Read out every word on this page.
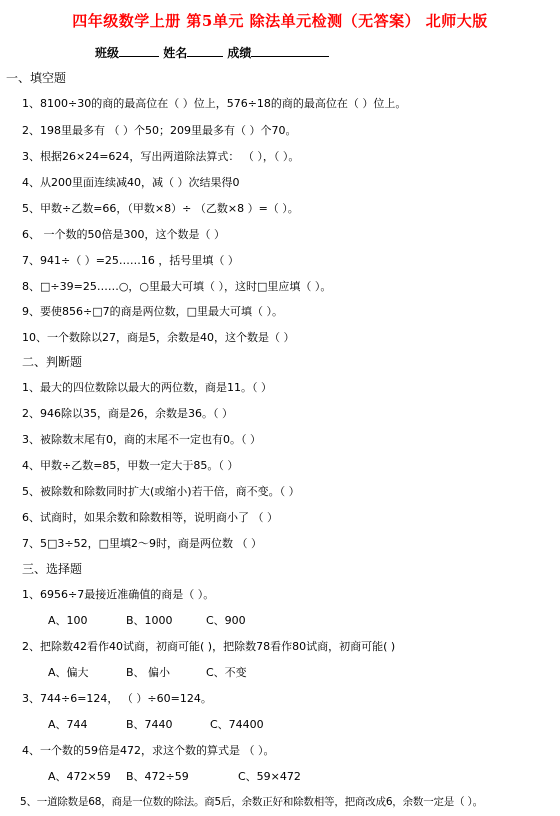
四年级数学上册 第5单元 除法单元检测（无答案） 北师大版
班级	姓名	成绩
一、填空题
1、8100÷30的商的最高位在（ ）位上，576÷18的商的最高位在（ ）位上。
2、198里最多有 （ ）个50；209里最多有（ ）个70。
3、根据26×24=624，写出两道除法算式： （ ），（ ）。
4、从200里面连续减40，减（ ）次结果得0
5、甲数÷乙数=66，（甲数×8）÷ （乙数×8 ）=（ ）。
6、 一个数的50倍是300，这个数是（ ）
7、941÷（ ）=25……16 ，括号里填（ ）
8、□÷39=25……○，○里最大可填（ ），这时□里应填（ ）。
9、要使856÷□7的商是两位数，□里最大可填（ ）。
10、一个数除以27，商是5，余数是40，这个数是（ ）
二、判断题
1、最大的四位数除以最大的两位数，商是11。（ ）
2、946除以35，商是26，余数是36。（ ）
3、被除数末尾有0，商的末尾不一定也有0。（ ）
4、甲数÷乙数=85，甲数一定大于85。（ ）
5、被除数和除数同时扩大(或缩小)若干倍，商不变。（ ）
6、试商时，如果余数和除数相等，说明商小了 （ ）
7、5□3÷52，□里填2～9时，商是两位数 （ ）
三、选择题
1、6956÷7最接近准确值的商是（ ）。
A、100	B、1000	C、900
2、把除数42看作40试商，初商可能( )，把除数78看作80试商，初商可能( )
A、偏大	B、 偏小	C、不变
3、744÷6=124， （ ）÷60=124。
A、744	B、7440	C、74400
4、一个数的59倍是472，求这个数的算式是 （ ）。
A、472×59 B、472÷59	C、59×472
5、一道除数是68，商是一位数的除法。商5后，余数正好和除数相等，把商改成6，余数一定是（ ）。
